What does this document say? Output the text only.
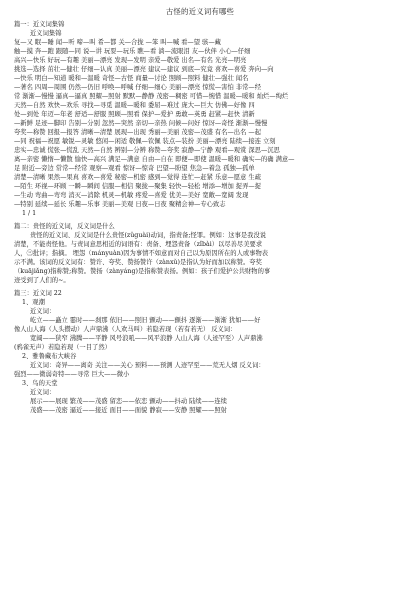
古怪的近义词有哪些
篇一：近义词集锦
近义词集锦
复—又 眠—睡 闻—听 啼—叫 希—都 关—合拢 —笨 叫—喊 看—望 骇—藏
触—摸 奔—跑 跟随—同 说—讲 玩耍—玩乐 瞧—看 淌—流眼泪 友—伙伴 小心—仔细
高兴—快乐 好玩—有趣 美丽—漂亮 发现—发明 亲爱—敬爱 出名—有名 光亮—明亮
挑选—选择 茁壮—健壮 仔细—认真 美丽—漂亮 建议—建议 到底—究竟 喜欢—喜爱 奔向—向
—快乐 明白—知道 暖和—温暖 奇怪—古怪 商量—讨论 照顾—照料 健壮—强壮 闻名
—著名 四周—周围 仍然—仍旧 呼唤—呼喊 仔细—细心 美丽—漂亮 惊慌—害怕 非常—经
常 渐渐—慢慢 逼真—逼真 照耀—照射 默默—静静 茂密—稠密 可惜—惋惜 温暖—暖和 灿烂—绚烂
天然—自然 欢快—欢乐 寻找—寻觅 温暖—暖和 委屈—难过 庞大—巨大 仿佛—好像 四
处—到处 年迈—年老 舒适—舒服 照顾—照看 保护—爱护 勇敢—英勇 赶紧—赶快 清新
—新鲜 足迹—脚印 告别—分别 忽然—突然 亲切—亲热 问候—问好 惊讶—奇怪 渐渐—慢慢
夸奖—称赞 回报—报答 清晰—清楚 展现—出现 秀丽—美丽 茂密—茂盛 有名—出名 —起
—同 祝福—祝愿 敏锐—灵敏 悠闲—闲适 敬佩—钦佩 装点—装扮 美丽—漂亮 陆续—接连 立刻
忠实—忠诚 慌张—慌乱 天然—自然 辨别—分辨 称赞—夸奖 寂静—宁静 观看—观赏 深思—沉思
离—亲密 懒惰—懒散 愉快—高兴 满足—满意 自由—自在 即便—即使 温暖—暖和 确实—的确 满意—
足 附近—旁边 常常—经常 观察—观看 惊讶—惊奇 巴望—盼望 焦急—着急 孤独—孤单
清楚—清晰 果然—果真 喜欢—喜爱 秘密—机密 感到—觉得 连忙—赶紧 乐意—愿意 生疏
—陌生 环视—环顾 一瞬—瞬间 信服—相信 聚拢—聚集 轻快—轻松 增添—增加 捉弄—捉
—生动 弯曲—弯弯 消灭—消除 机灵—机敏 疼爱—喜爱 优美—美好 宽敞—宽阔 发现
—特别 延续—延长 乐趣—乐事 美丽—美观 日夜—日夜 聚精会神—专心致志
1 / 1
篇二：贵怪的近义词，反义词是什么
贵怪的近义词、反义词是什么贵怪(zǔguài)动词，指责备;怪罪。例如：这事是我没说
清楚，不能责怪他。与责词意思相近的词语有：责备、埋怨责备（zǐbài）以尽善尽美要求
人，㊂批评；指摘。 埋怨（mányuàn)因为事情不如意而对自己以为原因所在的人或事物表
示不满。该词的反义词有：赞许、夸奖、赞扬赞许（zànxǔ)是指认为好而加以称赞。夸奖
（kuājiǎng)指称赞;称赞。赞扬（zànyáng)是指称赞表扬。例如：孩子们爱护公共财物的事
迹受到了人们的~。
篇三：近义词 22
1、观潮
近义词：
屹立——矗立 霎时——刹那 依旧——照旧 颤动——颤抖 逐渐——渐渐 犹如——好
像人山人海（人头攒动）人声鼎沸（人欢马叫）若隐若现（若有若无） 反义词：
宽阔——狭窄 沸腾——平静 风号浪吼——风平浪静 人山人海（人迹罕至）人声鼎沸
(鸦雀无声）若隐若现（一目了然）
2、雅鲁藏布大峡谷
近义词：奇异——离奇 关注——关心 预料——预测 人迹罕至——荒无人烟 反义词：
强烈——微弱奇特——寻常 巨大——微小
3、鸟的天堂
近义词：
展示——展现 繁茂——茂盛 留恋——依恋 颤动——抖动 陆续——连续
茂盛——茂密 逼近——接近 面目——面貌 静寂——安静 照耀——照射
